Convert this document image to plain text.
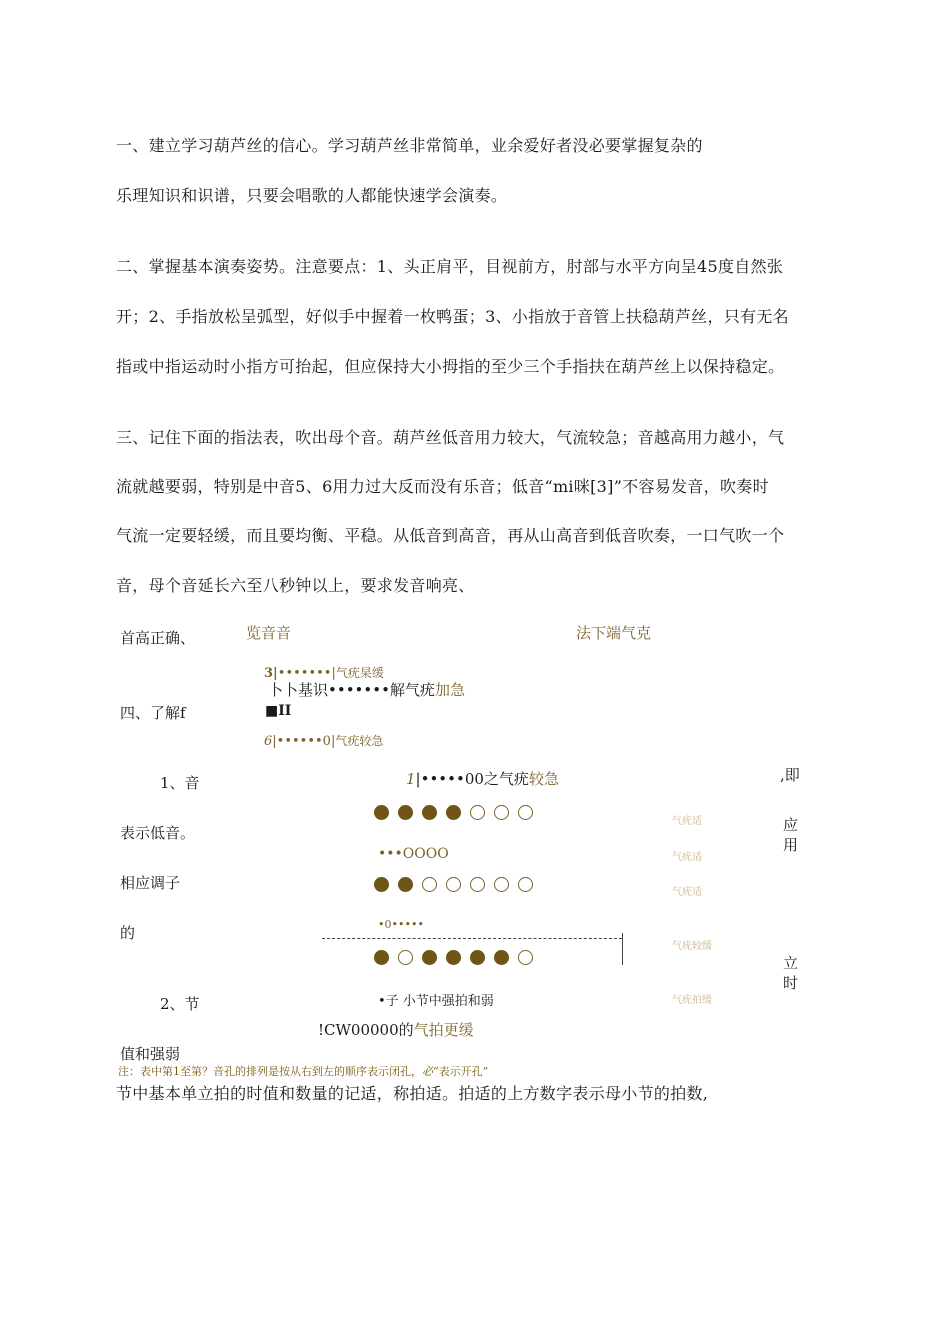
一、建立学习葫芦丝的信心。学习葫芦丝非常简单，业余爱好者没必要掌握复杂的
乐理知识和识谱，只要会唱歌的人都能快速学会演奏。
二、掌握基本演奏姿势。注意要点：1、头正肩平，目视前方，肘部与水平方向呈45度自然张
开；2、手指放松呈弧型，好似手中握着一枚鸭蛋；3、小指放于音管上扶稳葫芦丝，只有无名
指或中指运动时小指方可抬起，但应保持大小拇指的至少三个手指扶在葫芦丝上以保持稳定。
三、记住下面的指法表，吹出母个音。葫芦丝低音用力较大，气流较急；音越高用力越小，气
流就越要弱，特别是中音5、6用力过大反而没有乐音；低音“mi咪[3]”不容易发音，吹奏时
气流一定要轻缓，而且要均衡、平稳。从低音到高音，再从山高音到低音吹奏，一口气吹一个
音，母个音延长六至八秒钟以上，要求发音响亮、
首高正确、
四、了解f
1、音
表示低音。
相应调子
的
2、节
值和强弱
,即
应
用
立
时
览音音	法下端气克
3|•••••••|气疣杲缓
卜卜基识•••••••解气疣加急
■II
6|••••••0|气疣较急
1|•••••00之气疣较急
•••OOOO
•0•••••
•子 小节中强拍和弱
!CW00000的气拍更缓
气疣适
气疣适
气疣适
气疣较缓
气疣拍缓
注：表中第1至第？音孔的排列是按从右到左的顺序表示闭孔，必“表示开孔”
节中基本单立拍的时值和数量的记适，称拍适。拍适的上方数字表示母小节的拍数,
